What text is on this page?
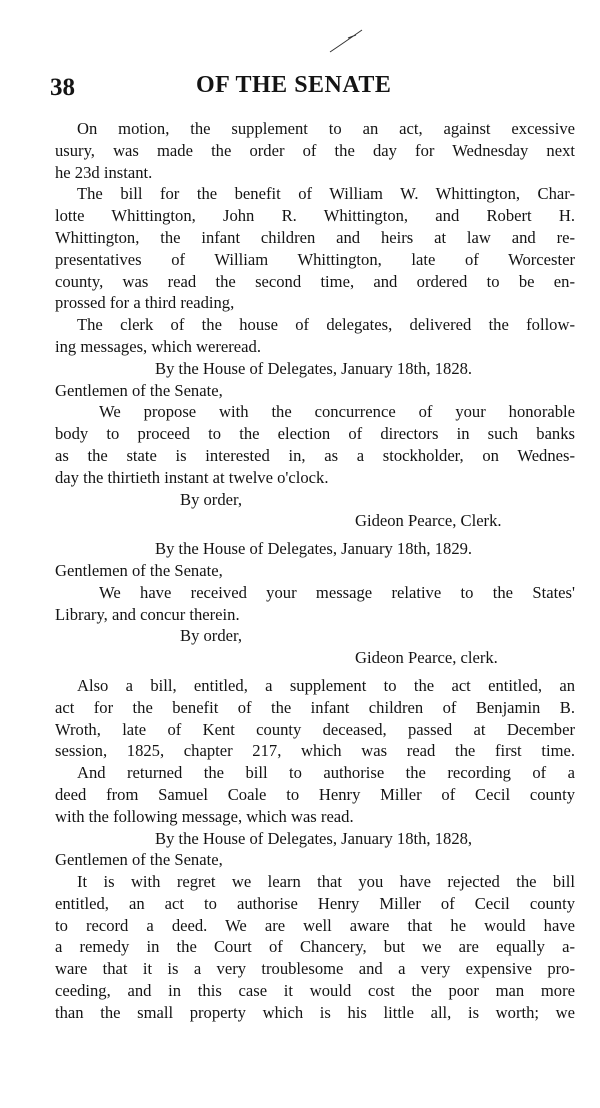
38	OF THE SENATE
On motion, the supplement to an act, against excessive
usury, was made the order of the day for Wednesday next
he 23d instant.
The bill for the benefit of William W. Whittington, Char-
lotte Whittington, John R. Whittington, and Robert H.
Whittington, the infant children and heirs at law and re-
presentatives of William Whittington, late of Worcester
county, was read the second time, and ordered to be en-
prossed for a third reading,
The clerk of the house of delegates, delivered the follow-
ing messages, which wereread.
By the House of Delegates, January 18th, 1828.
Gentlemen of the Senate,
We propose with the concurrence of your honorable
body to proceed to the election of directors in such banks
as the state is interested in, as a stockholder, on Wednes-
day the thirtieth instant at twelve o'clock.
By order,
Gideon Pearce, Clerk.
By the House of Delegates, January 18th, 1829.
Gentlemen of the Senate,
We have received your message relative to the States'
Library, and concur therein.
By order,
Gideon Pearce, clerk.
Also a bill, entitled, a supplement to the act entitled, an
act for the benefit of the infant children of Benjamin B.
Wroth, late of Kent county deceased, passed at December
session, 1825, chapter 217, which was read the first time.
And returned the bill to authorise the recording of a
deed from Samuel Coale to Henry Miller of Cecil county
with the following message, which was read.
By the House of Delegates, January 18th, 1828,
Gentlemen of the Senate,
It is with regret we learn that you have rejected the bill
entitled, an act to authorise Henry Miller of Cecil county
to record a deed. We are well aware that he would have
a remedy in the Court of Chancery, but we are equally a-
ware that it is a very troublesome and a very expensive pro-
ceeding, and in this case it would cost the poor man more
than the small property which is his little all, is worth; we
